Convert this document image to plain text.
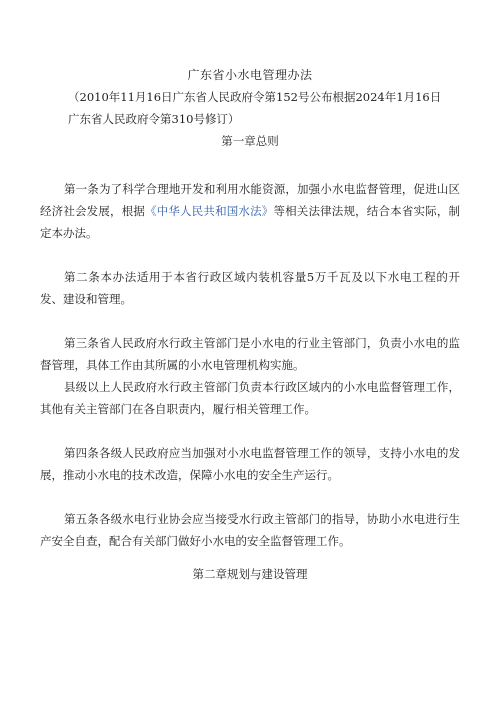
广东省小水电管理办法

（2010年11月16日广东省人民政府令第152号公布根据2024年1月16日广东省人民政府令第310号修订）

第一章总则

第一条为了科学合理地开发和利用水能资源，加强小水电监督管理，促进山区经济社会发展，根据《中华人民共和国水法》等相关法律法规，结合本省实际，制定本办法。

第二条本办法适用于本省行政区域内装机容量5万千瓦及以下水电工程的开发、建设和管理。

第三条省人民政府水行政主管部门是小水电的行业主管部门，负责小水电的监督管理，具体工作由其所属的小水电管理机构实施。

县级以上人民政府水行政主管部门负责本行政区域内的小水电监督管理工作，其他有关主管部门在各自职责内，履行相关管理工作。

第四条各级人民政府应当加强对小水电监督管理工作的领导，支持小水电的发展，推动小水电的技术改造，保障小水电的安全生产运行。

第五条各级水电行业协会应当接受水行政主管部门的指导，协助小水电进行生产安全自查，配合有关部门做好小水电的安全监督管理工作。

第二章规划与建设管理
